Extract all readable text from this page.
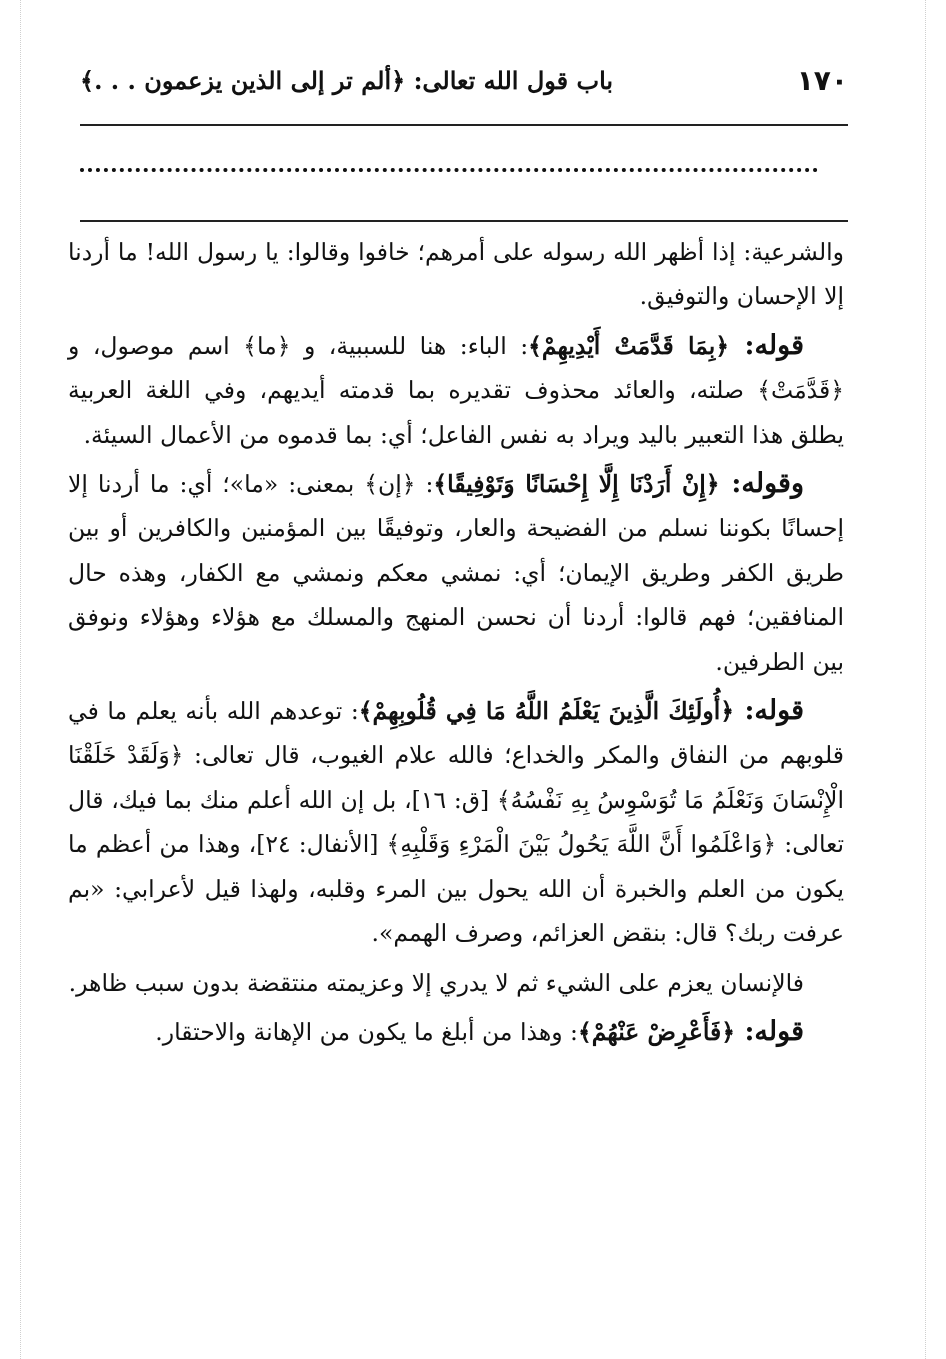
١٧٠
باب قول الله تعالى: ﴿ألم تر إلى الذين يزعمون . . .﴾

والشرعية: إذا أظهر الله رسوله على أمرهم؛ خافوا وقالوا: يا رسول الله! ما أردنا إلا الإحسان والتوفيق.

قوله: ﴿بِمَا قَدَّمَتْ أَيْدِيهِمْ﴾: الباء: هنا للسببية، و ﴿ما﴾ اسم موصول، و ﴿قَدَّمَتْ﴾ صلته، والعائد محذوف تقديره بما قدمته أيديهم، وفي اللغة العربية يطلق هذا التعبير باليد ويراد به نفس الفاعل؛ أي: بما قدموه من الأعمال السيئة.

وقوله: ﴿إِنْ أَرَدْنَا إِلَّا إِحْسَانًا وَتَوْفِيقًا﴾: ﴿إن﴾ بمعنى: «ما»؛ أي: ما أردنا إلا إحسانًا بكوننا نسلم من الفضيحة والعار، وتوفيقًا بين المؤمنين والكافرين أو بين طريق الكفر وطريق الإيمان؛ أي: نمشي معكم ونمشي مع الكفار، وهذه حال المنافقين؛ فهم قالوا: أردنا أن نحسن المنهج والمسلك مع هؤلاء وهؤلاء ونوفق بين الطرفين.

قوله: ﴿أُولَئِكَ الَّذِينَ يَعْلَمُ اللَّهُ مَا فِي قُلُوبِهِمْ﴾: توعدهم الله بأنه يعلم ما في قلوبهم من النفاق والمكر والخداع؛ فالله علام الغيوب، قال تعالى: ﴿وَلَقَدْ خَلَقْنَا الْإِنْسَانَ وَنَعْلَمُ مَا تُوَسْوِسُ بِهِ نَفْسُهُ﴾ [ق: ١٦]، بل إن الله أعلم منك بما فيك، قال تعالى: ﴿وَاعْلَمُوا أَنَّ اللَّهَ يَحُولُ بَيْنَ الْمَرْءِ وَقَلْبِهِ﴾ [الأنفال: ٢٤]، وهذا من أعظم ما يكون من العلم والخبرة أن الله يحول بين المرء وقلبه، ولهذا قيل لأعرابي: «بم عرفت ربك؟ قال: بنقض العزائم، وصرف الهمم».

فالإنسان يعزم على الشيء ثم لا يدري إلا وعزيمته منتقضة بدون سبب ظاهر.

قوله: ﴿فَأَعْرِضْ عَنْهُمْ﴾: وهذا من أبلغ ما يكون من الإهانة والاحتقار.
